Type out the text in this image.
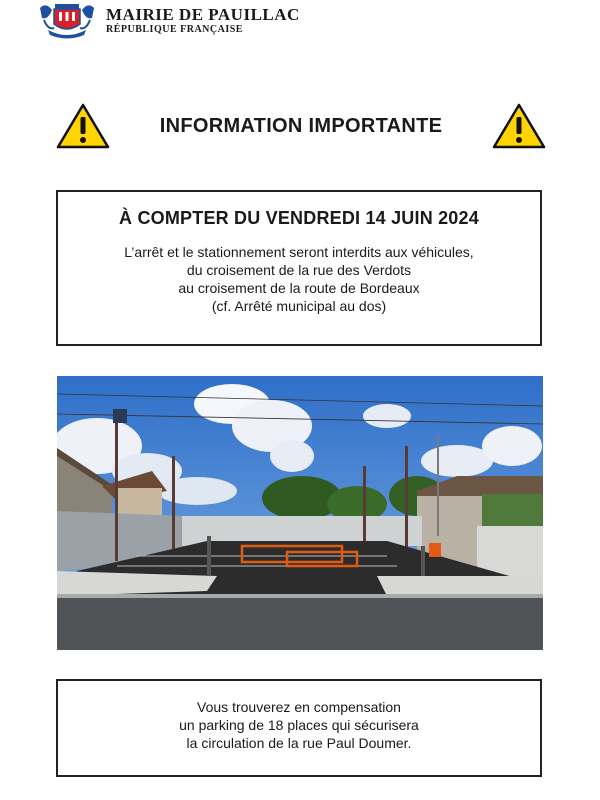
MAIRIE DE PAUILLAC
RÉPUBLIQUE FRANÇAISE
INFORMATION IMPORTANTE
À COMPTER DU VENDREDI 14 JUIN 2024
L’arrêt et le stationnement seront interdits aux véhicules,
du croisement de la rue des Verdots
au croisement de la route de Bordeaux
(cf. Arrêté municipal au dos)
Vous trouverez en compensation
un parking de 18 places qui sécurisera
la circulation de la rue Paul Doumer.
